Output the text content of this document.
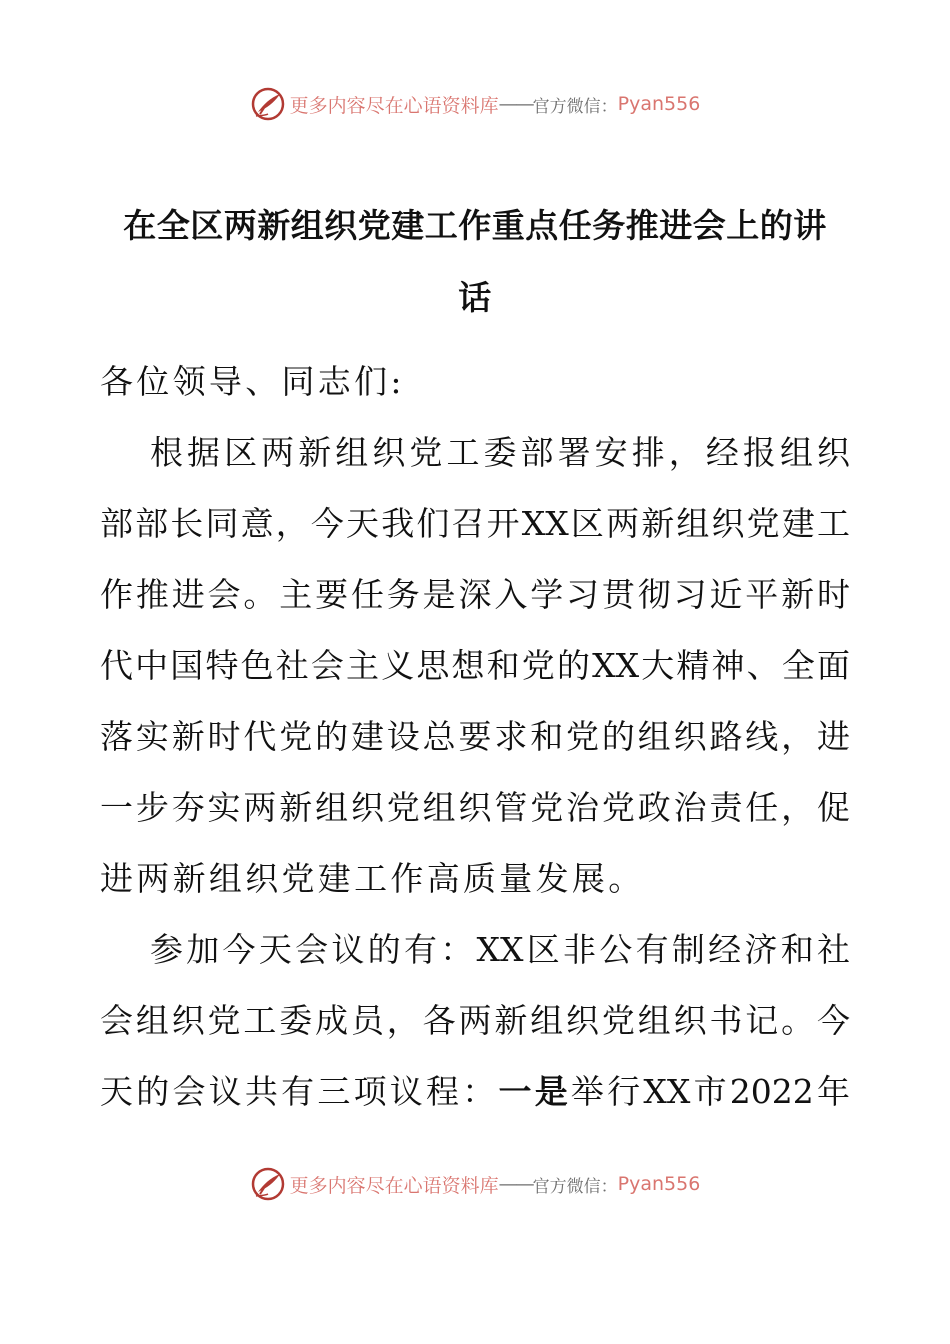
更多内容尽在心语资料库 —— 官方微信： Pyan556
在全区两新组织党建工作重点任务推进会上的讲
话
各位领导、同志们:
根据区两新组织党工委部署安排，经报组织
部部长同意，今天我们召开XX区两新组织党建工
作推进会。主要任务是深入学习贯彻习近平新时
代中国特色社会主义思想和党的XX大精神、全面
落实新时代党的建设总要求和党的组织路线，进
一步夯实两新组织党组织管党治党政治责任，促
进两新组织党建工作高质量发展。
参加今天会议的有：XX区非公有制经济和社
会组织党工委成员，各两新组织党组织书记。今
天的会议共有三项议程：一是举行XX市2022年
更多内容尽在心语资料库 —— 官方微信： Pyan556
